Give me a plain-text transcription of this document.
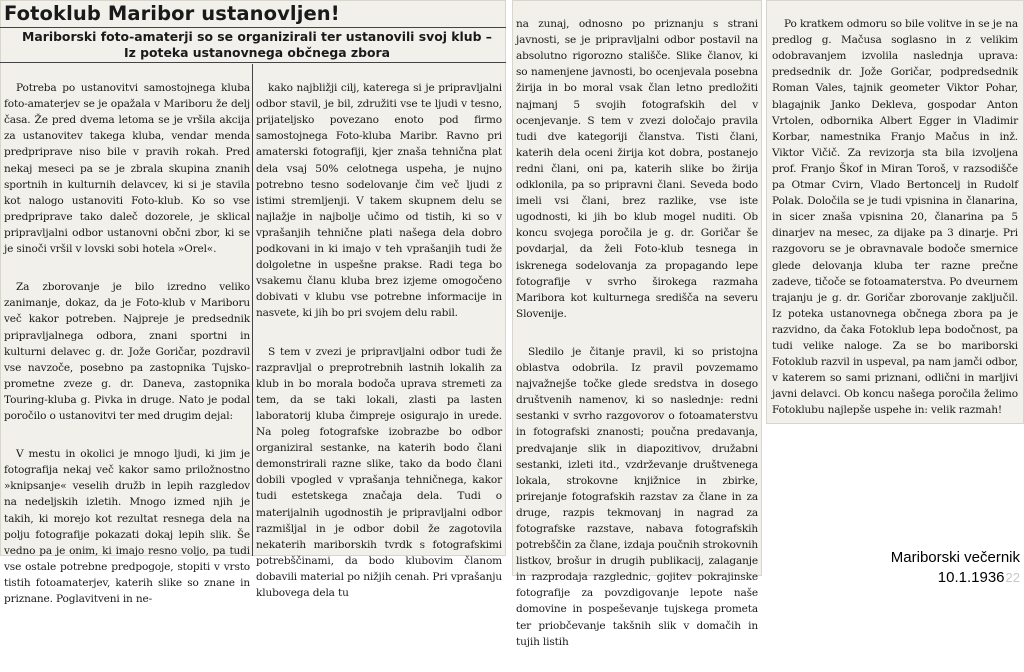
Fotoklub Maribor ustanovljen!
Mariborski foto-amaterji so se organizirali ter ustanovili svoj klub – Iz poteka ustanovnega občnega zbora

Potreba po ustanovitvi samostojnega kluba foto-amaterjev se je opažala v Mariboru že delj časa. Že pred dvema letoma se je vršila akcija za ustanovitev takega kluba, vendar menda predpriprave niso bile v pravih rokah. Pred nekaj meseci pa se je zbrala skupina znanih sportnih in kulturnih delavcev, ki si je stavila kot nalogo ustanoviti Foto-klub. Ko so vse predpriprave tako daleč dozorele, je sklical pripravljalni odbor ustanovni občni zbor, ki se je sinoči vršil v lovski sobi hotela »Orel«.

Za zborovanje je bilo izredno veliko zanimanje, dokaz, da je Foto-klub v Mariboru več kakor potreben. Najpreje je predsednik pripravljalnega odbora, znani sportni in kulturni delavec g. dr. Jože Goričar, pozdravil vse navzoče, posebno pa zastopnika Tujsko-prometne zveze g. dr. Daneva, zastopnika Touring-kluba g. Pivka in druge. Nato je podal poročilo o ustanovitvi ter med drugim dejal:

V mestu in okolici je mnogo ljudi, ki jim je fotografija nekaj več kakor samo priložnostno »knipsanje« veselih družb in lepih razgledov na nedeljskih izletih. Mnogo izmed njih je takih, ki morejo kot rezultat resnega dela na polju fotografije pokazati dokaj lepih slik. Še vedno pa je onim, ki imajo resno voljo, pa tudi vse ostale potrebne predpogoje, stopiti v vrsto tistih fotoamaterjev, katerih slike so znane in priznane. Poglavitveni in ne-

kako najbližji cilj, katerega si je pripravljalni odbor stavil, je bil, združiti vse te ljudi v tesno, prijateljsko povezano enoto pod firmo samostojnega Foto-kluba Maribr. Ravno pri amaterski fotografiji, kjer znaša tehnična plat dela vsaj 50% celotnega uspeha, je nujno potrebno tesno sodelovanje čim več ljudi z istimi stremljenji. V takem skupnem delu se najlažje in najbolje učimo od tistih, ki so v vprašanjih tehnične plati našega dela dobro podkovani in ki imajo v teh vprašanjih tudi že dolgoletne in uspešne prakse. Radi tega bo vsakemu članu kluba brez izjeme omogočeno dobivati v klubu vse potrebne informacije in nasvete, ki jih bo pri svojem delu rabil.

S tem v zvezi je pripravljalni odbor tudi že razpravljal o preprotrebnih lastnih lokalih za klub in bo morala bodoča uprava stremeti za tem, da se taki lokali, zlasti pa lasten laboratorij kluba čimpreje osigurajo in urede. Na poleg fotografske izobrazbe bo odbor organiziral sestanke, na katerih bodo člani demonstrirali razne slike, tako da bodo člani dobili vpogled v vprašanja tehničnega, kakor tudi estetskega značaja dela. Tudi o materijalnih ugodnostih je pripravljalni odbor razmišljal in je odbor dobil že zagotovila nekaterih mariborskih tvrdk s fotografskimi potrebščinami, da bodo klubovim članom dobavili material po nižjih cenah. Pri vprašanju klubovega dela tu

na zunaj, odnosno po priznanju s strani javnosti, se je pripravljalni odbor postavil na absolutno rigorozno stališče. Slike članov, ki so namenjene javnosti, bo ocenjevala posebna žirija in bo moral vsak član letno predložiti najmanj 5 svojih fotografskih del v ocenjevanje. S tem v zvezi določajo pravila tudi dve kategoriji članstva. Tisti člani, katerih dela oceni žirija kot dobra, postanejo redni člani, oni pa, katerih slike bo žirija odklonila, pa so pripravni člani. Seveda bodo imeli vsi člani, brez razlike, vse iste ugodnosti, ki jih bo klub mogel nuditi. Ob koncu svojega poročila je g. dr. Goričar še povdarjal, da želi Foto-klub tesnega in iskrenega sodelovanja za propagando lepe fotografije v svrho širokega razmaha Maribora kot kulturnega središča na severu Slovenije.

Sledilo je čitanje pravil, ki so pristojna oblastva odobrila. Iz pravil povzemamo najvažnejše točke glede sredstva in dosego društvenih namenov, ki so naslednje: redni sestanki v svrho razgovorov o fotoamaterstvu in fotografski znanosti; poučna predavanja, predvajanje slik in diapozitivov, družabni sestanki, izleti itd., vzdrževanje društvenega lokala, strokovne knjižnice in zbirke, prirejanje fotografskih razstav za člane in za druge, razpis tekmovanj in nagrad za fotografske razstave, nabava fotografskih potrebščin za člane, izdaja poučnih strokovnih listkov, brošur in drugih publikacij, zalaganje in razprodaja razglednic, gojitev pokrajinske fotografije za povzdigovanje lepote naše domovine in pospeševanje tujskega prometa ter priobčevanje takšnih slik v domačih in tujih listih

Po kratkem odmoru so bile volitve in se je na predlog g. Mačusa soglasno in z velikim odobravanjem izvolila naslednja uprava: predsednik dr. Jože Goričar, podpredsednik Roman Vales, tajnik geometer Viktor Pohar, blagajnik Janko Dekleva, gospodar Anton Vrtolen, odbornika Albert Egger in Vladimir Korbar, namestnika Franjo Mačus in inž. Viktor Vičič. Za revizorja sta bila izvoljena prof. Franjo Škof in Miran Toroš, v razsodišče pa Otmar Cvirn, Vlado Bertoncelj in Rudolf Polak. Določila se je tudi vpisnina in članarina, in sicer znaša vpisnina 20, članarina pa 5 dinarjev na mesec, za dijake pa 3 dinarje. Pri razgovoru se je obravnavale bodoče smernice glede delovanja kluba ter razne prečne zadeve, tičoče se fotoamaterstva. Po dveurnem trajanju je g. dr. Goričar zborovanje zaključil. Iz poteka ustanovnega občnega zbora pa je razvidno, da čaka Fotoklub lepa bodočnost, pa tudi velike naloge. Za se bo mariborski Fotoklub razvil in uspeval, pa nam jamči odbor, v katerem so sami priznani, odlični in marljivi javni delavci. Ob koncu našega poročila želimo Fotoklubu najlepše uspehe in: velik razmah!

Mariborski večernik
10.1.193622
